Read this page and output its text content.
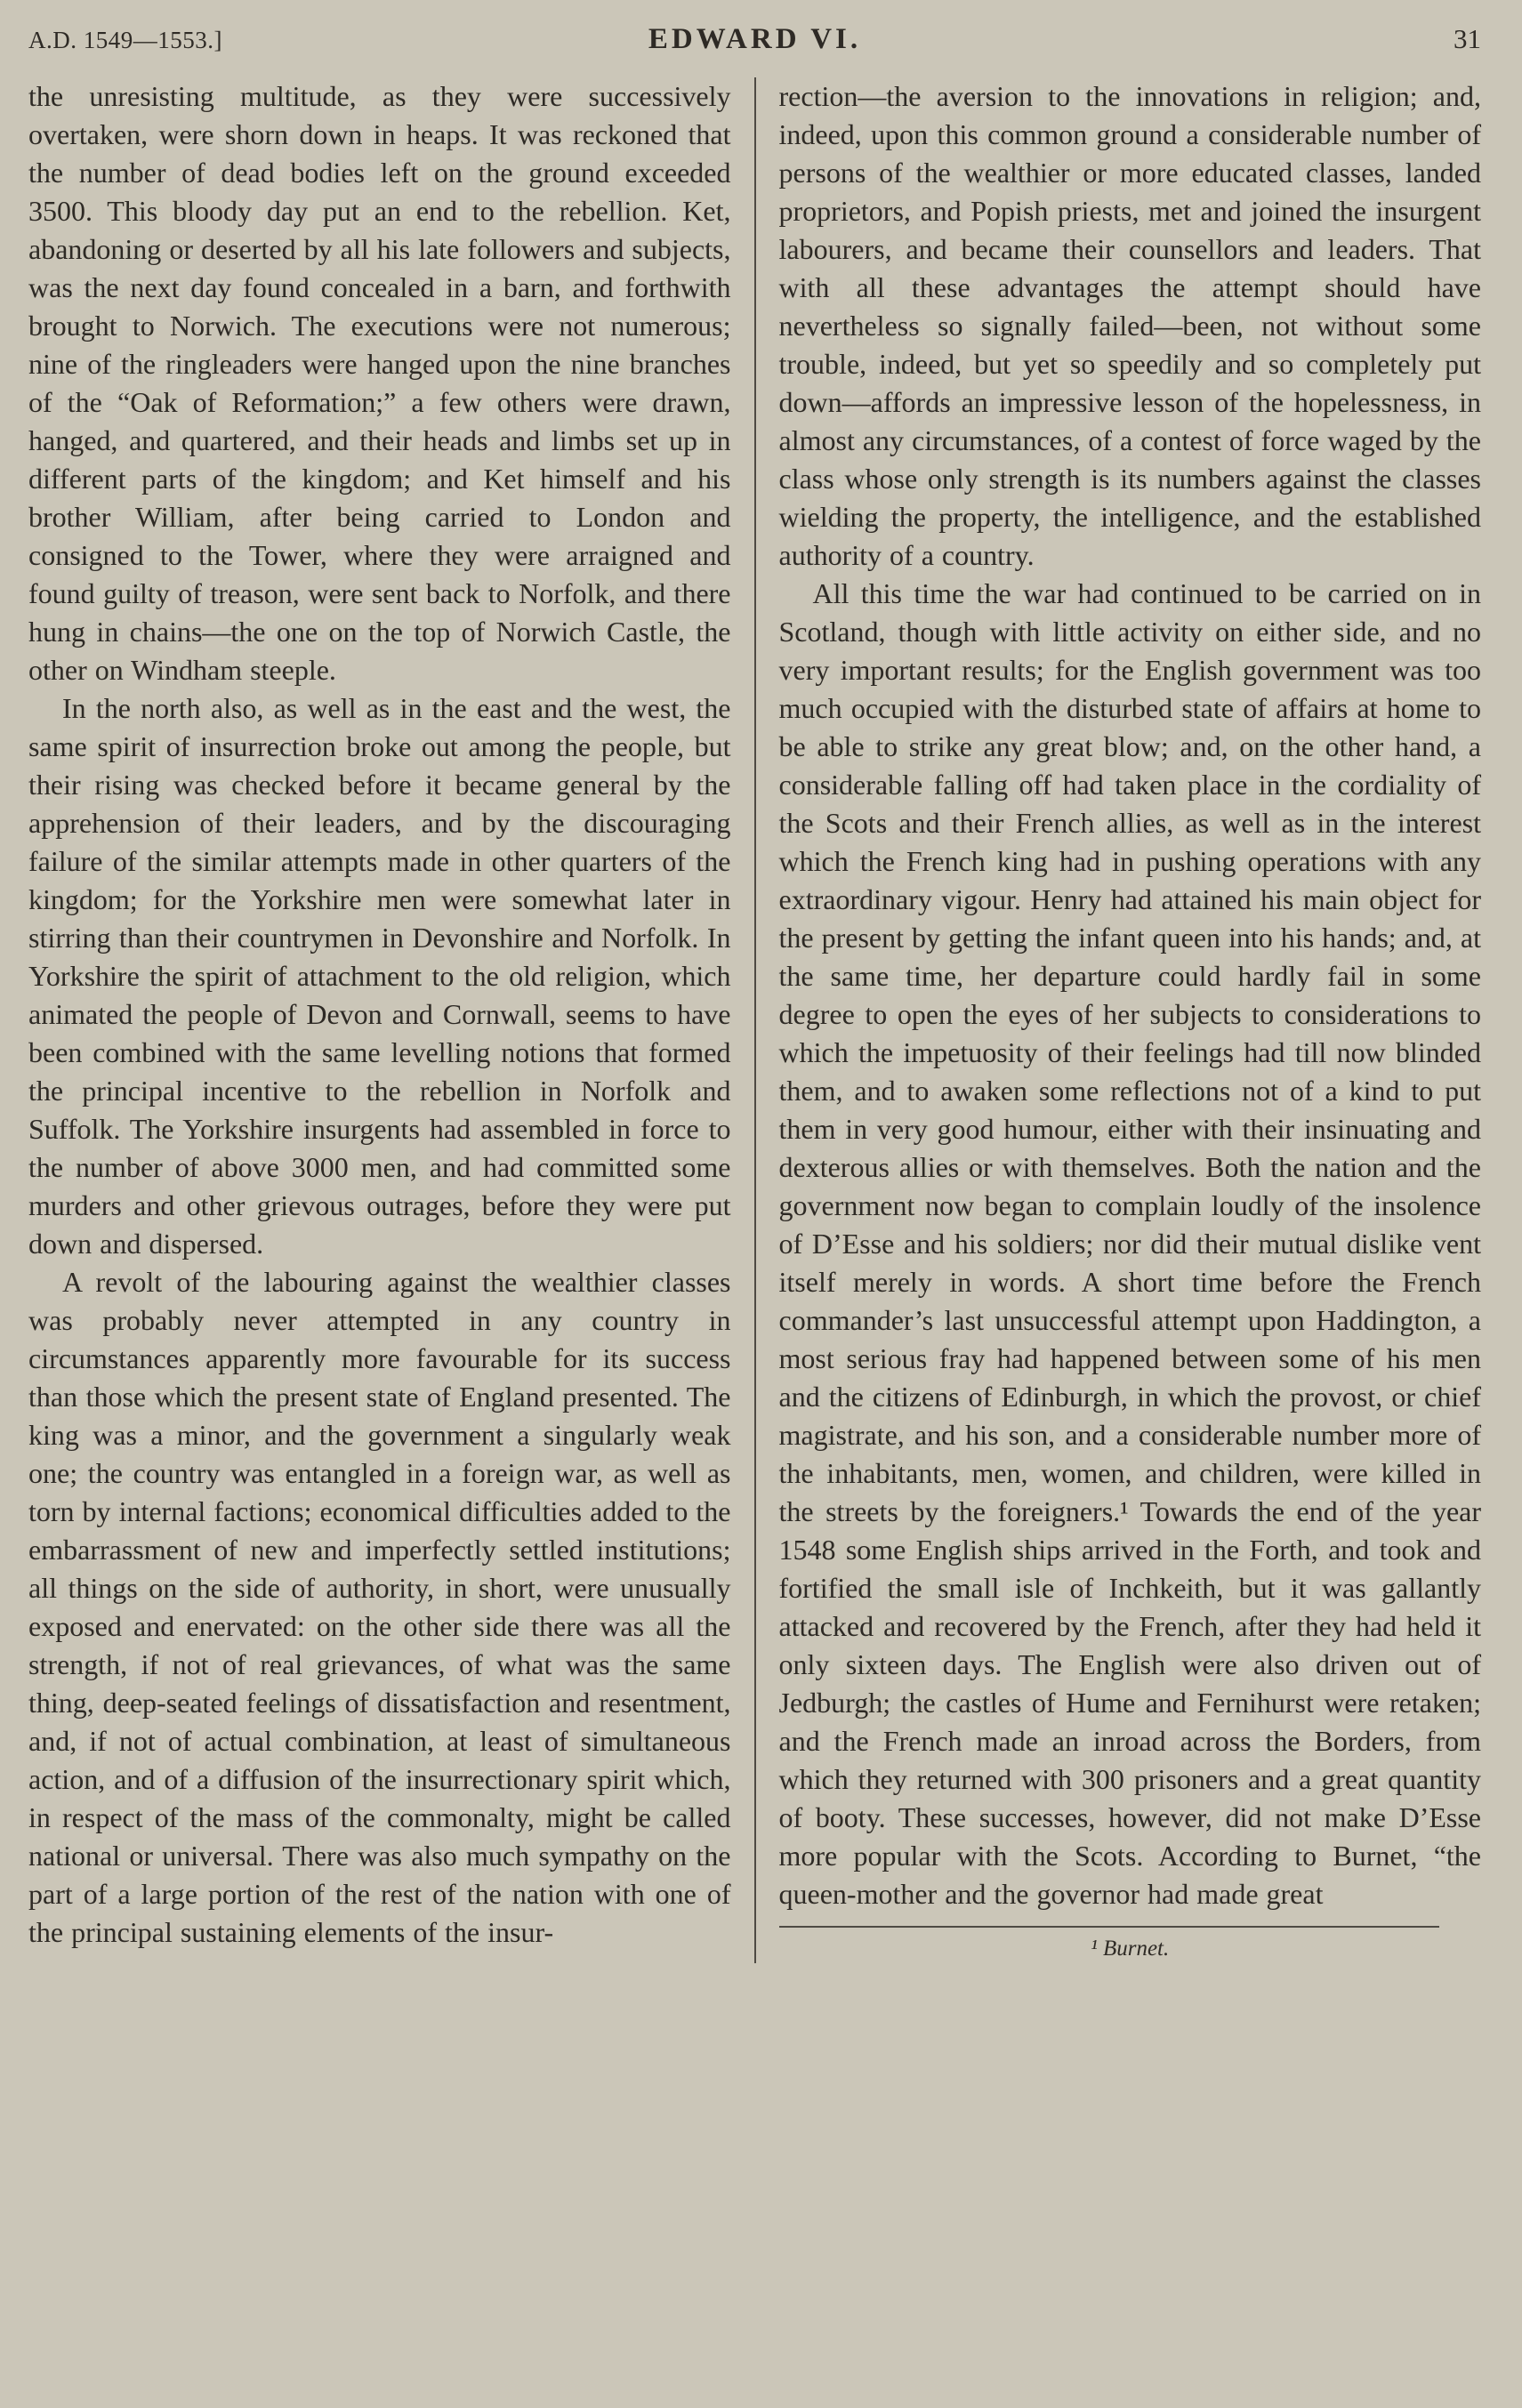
A.D. 1549—1553.]	EDWARD VI.	31

the unresisting multitude, as they were successively overtaken, were shorn down in heaps. It was reckoned that the number of dead bodies left on the ground exceeded 3500. This bloody day put an end to the rebellion. Ket, abandoning or deserted by all his late followers and subjects, was the next day found concealed in a barn, and forthwith brought to Norwich. The executions were not numerous; nine of the ringleaders were hanged upon the nine branches of the “Oak of Reformation;” a few others were drawn, hanged, and quartered, and their heads and limbs set up in different parts of the kingdom; and Ket himself and his brother William, after being carried to London and consigned to the Tower, where they were arraigned and found guilty of treason, were sent back to Norfolk, and there hung in chains—the one on the top of Norwich Castle, the other on Windham steeple.

In the north also, as well as in the east and the west, the same spirit of insurrection broke out among the people, but their rising was checked before it became general by the apprehension of their leaders, and by the discouraging failure of the similar attempts made in other quarters of the kingdom; for the Yorkshire men were somewhat later in stirring than their countrymen in Devonshire and Norfolk. In Yorkshire the spirit of attachment to the old religion, which animated the people of Devon and Cornwall, seems to have been combined with the same levelling notions that formed the principal incentive to the rebellion in Norfolk and Suffolk. The Yorkshire insurgents had assembled in force to the number of above 3000 men, and had committed some murders and other grievous outrages, before they were put down and dispersed.

A revolt of the labouring against the wealthier classes was probably never attempted in any country in circumstances apparently more favourable for its success than those which the present state of England presented. The king was a minor, and the government a singularly weak one; the country was entangled in a foreign war, as well as torn by internal factions; economical difficulties added to the embarrassment of new and imperfectly settled institutions; all things on the side of authority, in short, were unusually exposed and enervated: on the other side there was all the strength, if not of real grievances, of what was the same thing, deep-seated feelings of dissatisfaction and resentment, and, if not of actual combination, at least of simultaneous action, and of a diffusion of the insurrectionary spirit which, in respect of the mass of the commonalty, might be called national or universal. There was also much sympathy on the part of a large portion of the rest of the nation with one of the principal sustaining elements of the insur-

rection—the aversion to the innovations in religion; and, indeed, upon this common ground a considerable number of persons of the wealthier or more educated classes, landed proprietors, and Popish priests, met and joined the insurgent labourers, and became their counsellors and leaders. That with all these advantages the attempt should have nevertheless so signally failed—been, not without some trouble, indeed, but yet so speedily and so completely put down—affords an impressive lesson of the hopelessness, in almost any circumstances, of a contest of force waged by the class whose only strength is its numbers against the classes wielding the property, the intelligence, and the established authority of a country.

All this time the war had continued to be carried on in Scotland, though with little activity on either side, and no very important results; for the English government was too much occupied with the disturbed state of affairs at home to be able to strike any great blow; and, on the other hand, a considerable falling off had taken place in the cordiality of the Scots and their French allies, as well as in the interest which the French king had in pushing operations with any extraordinary vigour. Henry had attained his main object for the present by getting the infant queen into his hands; and, at the same time, her departure could hardly fail in some degree to open the eyes of her subjects to considerations to which the impetuosity of their feelings had till now blinded them, and to awaken some reflections not of a kind to put them in very good humour, either with their insinuating and dexterous allies or with themselves. Both the nation and the government now began to complain loudly of the insolence of D’Esse and his soldiers; nor did their mutual dislike vent itself merely in words. A short time before the French commander’s last unsuccessful attempt upon Haddington, a most serious fray had happened between some of his men and the citizens of Edinburgh, in which the provost, or chief magistrate, and his son, and a considerable number more of the inhabitants, men, women, and children, were killed in the streets by the foreigners.¹ Towards the end of the year 1548 some English ships arrived in the Forth, and took and fortified the small isle of Inchkeith, but it was gallantly attacked and recovered by the French, after they had held it only sixteen days. The English were also driven out of Jedburgh; the castles of Hume and Fernihurst were retaken; and the French made an inroad across the Borders, from which they returned with 300 prisoners and a great quantity of booty. These successes, however, did not make D’Esse more popular with the Scots. According to Burnet, “the queen-mother and the governor had made great

¹ Burnet.
